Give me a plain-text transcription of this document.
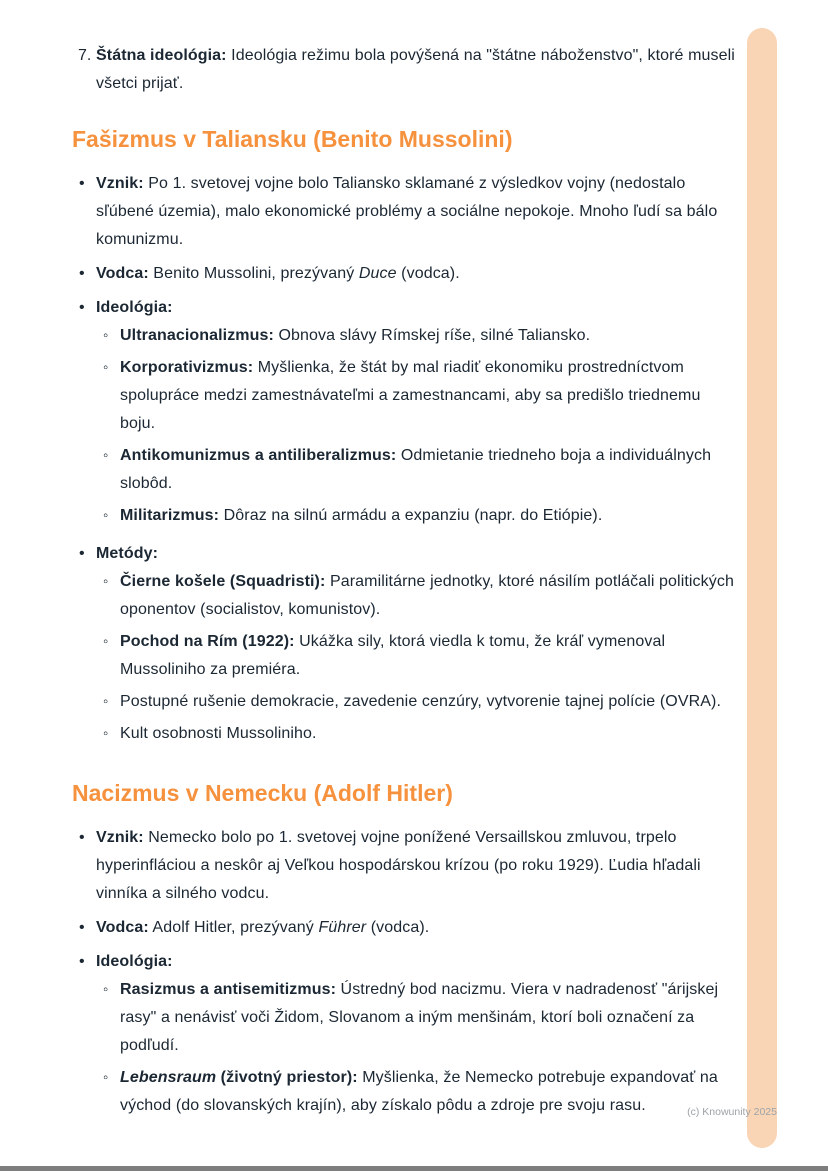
7. Štátna ideológia: Ideológia režimu bola povýšená na "štátne náboženstvo", ktoré museli všetci prijať.

Fašizmus v Taliansku (Benito Mussolini)
• Vznik: Po 1. svetovej vojne bolo Taliansko sklamané z výsledkov vojny (nedostalo sľúbené územia), malo ekonomické problémy a sociálne nepokoje. Mnoho ľudí sa bálo komunizmu.

• Vodca: Benito Mussolini, prezývaný Duce (vodca).

• Ideológia:

◦ Ultranacionalizmus: Obnova slávy Rímskej ríše, silné Taliansko.

◦ Korporativizmus: Myšlienka, že štát by mal riadiť ekonomiku prostredníctvom spolupráce medzi zamestnávateľmi a zamestnancami, aby sa predišlo triednemu boju.

◦ Antikomunizmus a antiliberalizmus: Odmietanie triedneho boja a individuálnych slobôd.

◦ Militarizmus: Dôraz na silnú armádu a expanziu (napr. do Etiópie).

• Metódy:

◦ Čierne košele (Squadristi): Paramilitárne jednotky, ktoré násilím potláčali politických oponentov (socialistov, komunistov).

◦ Pochod na Rím (1922): Ukážka sily, ktorá viedla k tomu, že kráľ vymenoval Mussoliniho za premiéra.

◦ Postupné rušenie demokracie, zavedenie cenzúry, vytvorenie tajnej polície (OVRA).

◦ Kult osobnosti Mussoliniho.

Nacizmus v Nemecku (Adolf Hitler)
• Vznik: Nemecko bolo po 1. svetovej vojne ponížené Versaillskou zmluvou, trpelo hyperinfláciou a neskôr aj Veľkou hospodárskou krízou (po roku 1929). Ľudia hľadali vinníka a silného vodcu.

• Vodca: Adolf Hitler, prezývaný Führer (vodca).

• Ideológia:

◦ Rasizmus a antisemitizmus: Ústredný bod nacizmu. Viera v nadradenosť "árijskej rasy" a nenávisť voči Židom, Slovanom a iným menšinám, ktorí boli označení za podľudí.

◦ Lebensraum (životný priestor): Myšlienka, že Nemecko potrebuje expandovať na východ (do slovanských krajín), aby získalo pôdu a zdroje pre svoju rasu.	(c) Knowunity 2025
